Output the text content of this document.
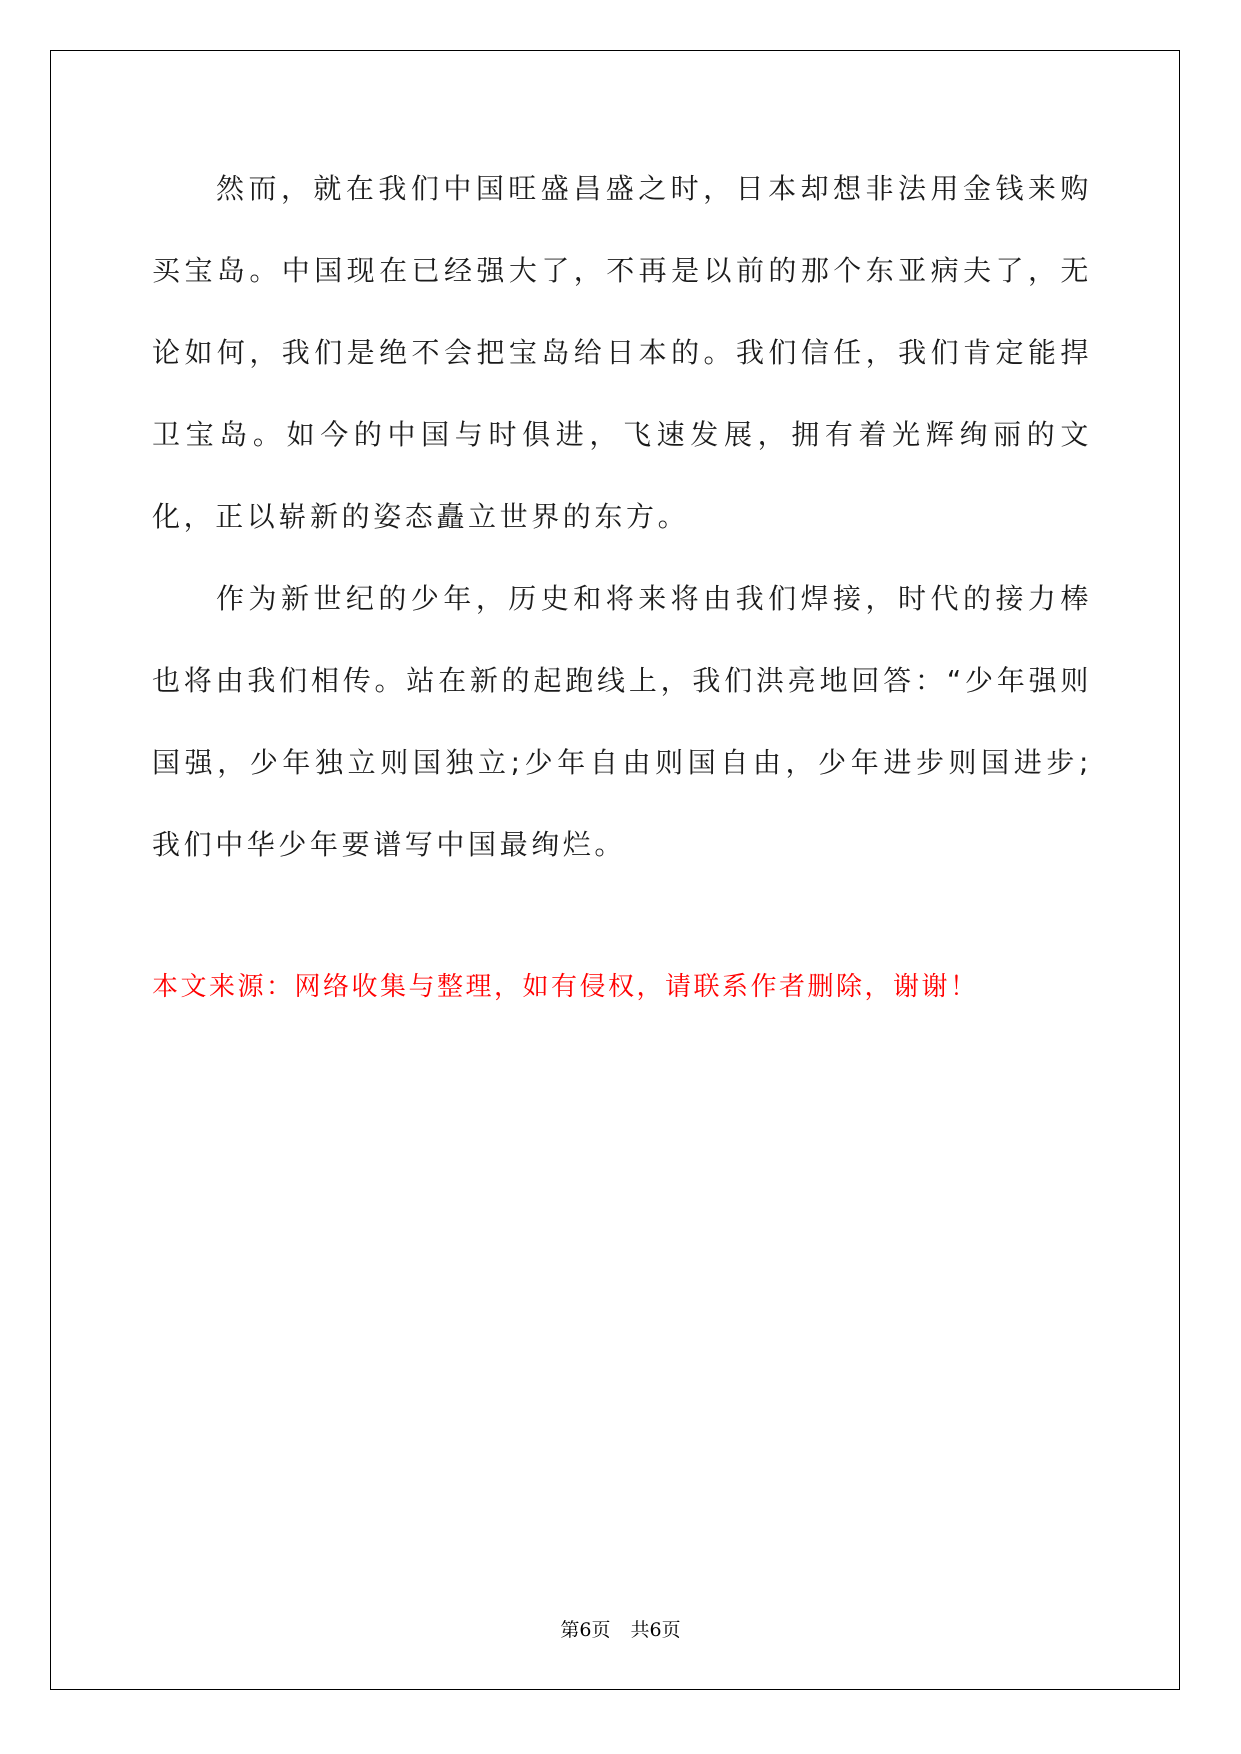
然而，就在我们中国旺盛昌盛之时，日本却想非法用金钱来购买宝岛。中国现在已经强大了，不再是以前的那个东亚病夫了，无论如何，我们是绝不会把宝岛给日本的。我们信任，我们肯定能捍卫宝岛。如今的中国与时俱进，飞速发展，拥有着光辉绚丽的文化，正以崭新的姿态矗立世界的东方。

作为新世纪的少年，历史和将来将由我们焊接，时代的接力棒也将由我们相传。站在新的起跑线上，我们洪亮地回答：“少年强则国强，少年独立则国独立;少年自由则国自由，少年进步则国进步;我们中华少年要谱写中国最绚烂。

本文来源：网络收集与整理，如有侵权，请联系作者删除，谢谢！

第6页 共6页
